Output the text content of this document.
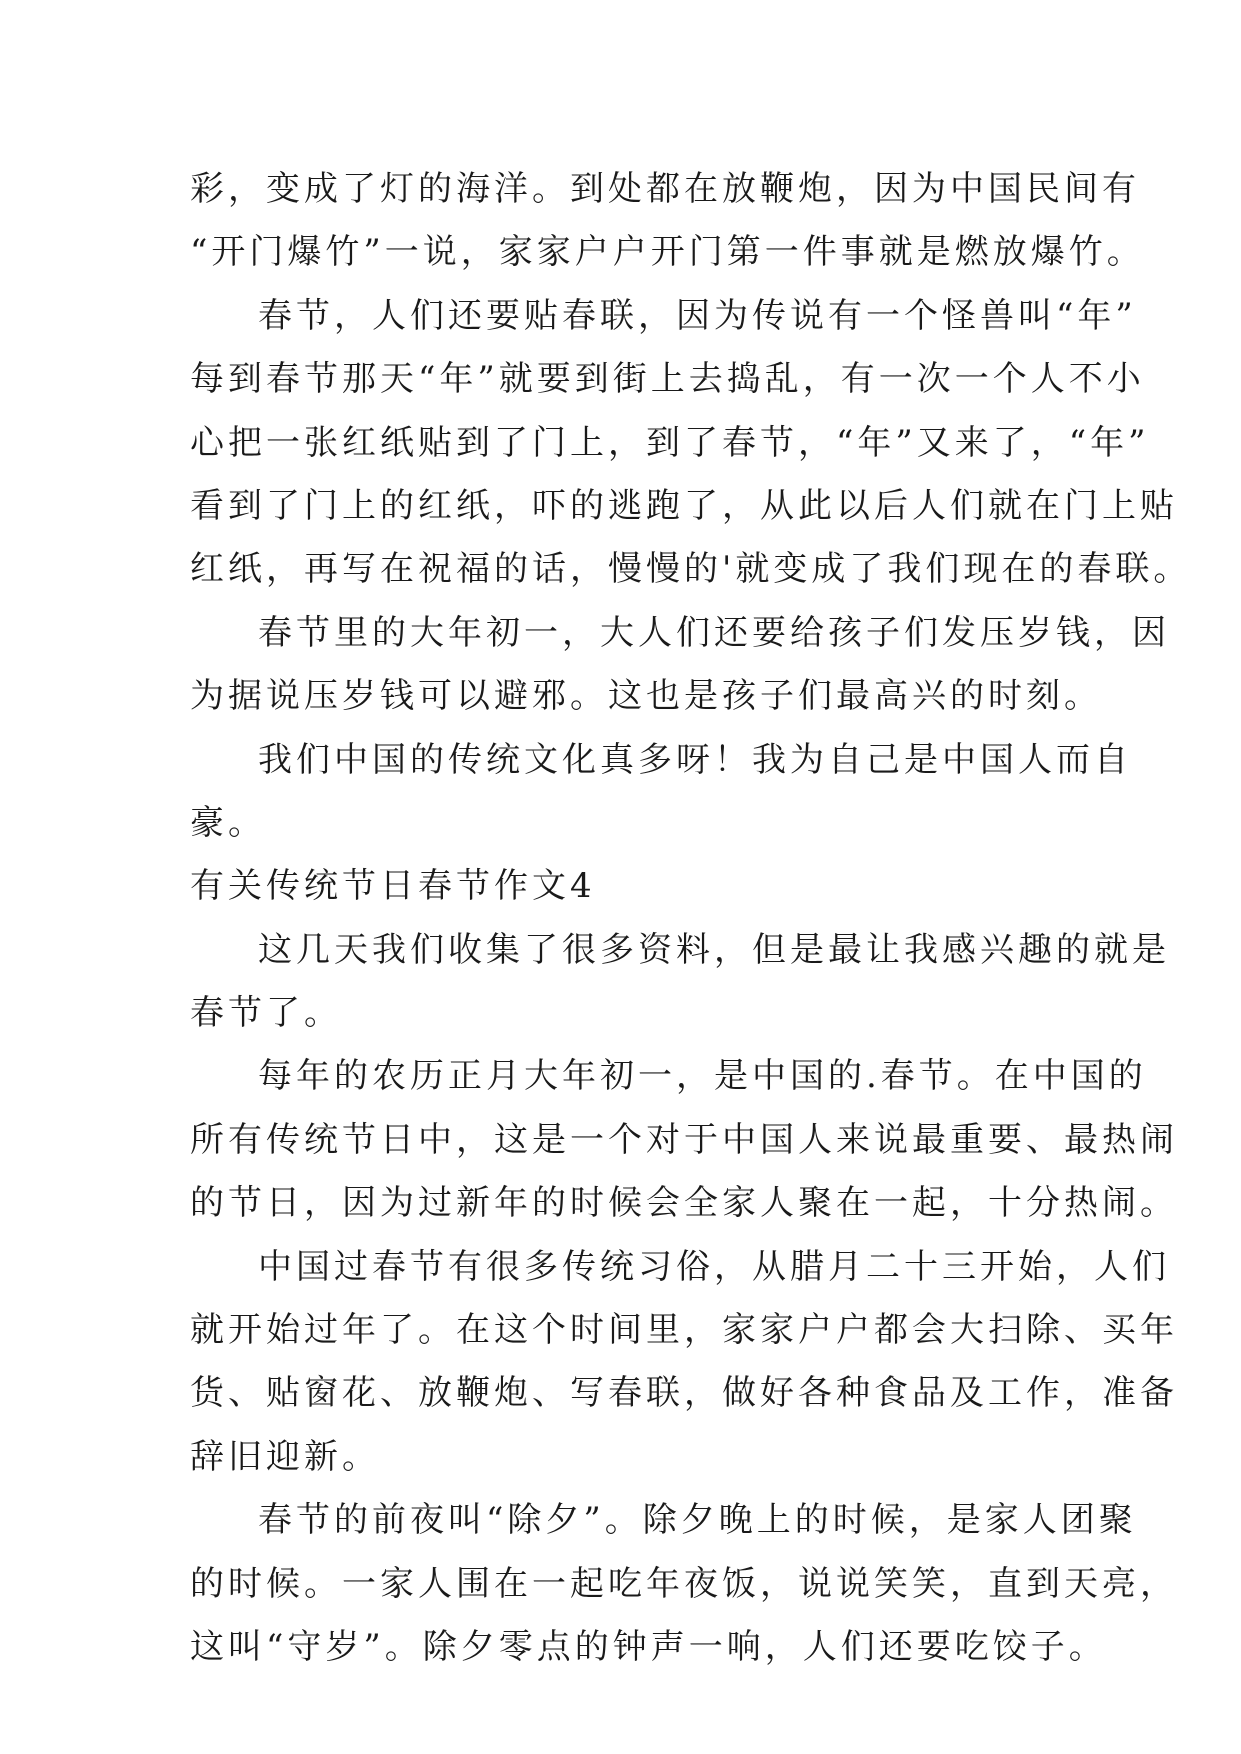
彩，变成了灯的海洋。到处都在放鞭炮，因为中国民间有
“开门爆竹”一说，家家户户开门第一件事就是燃放爆竹。
春节，人们还要贴春联，因为传说有一个怪兽叫“年”
每到春节那天“年”就要到街上去捣乱，有一次一个人不小
心把一张红纸贴到了门上，到了春节，“年”又来了，“年”
看到了门上的红纸，吓的逃跑了，从此以后人们就在门上贴
红纸，再写在祝福的话，慢慢的'就变成了我们现在的春联。
春节里的大年初一，大人们还要给孩子们发压岁钱，因
为据说压岁钱可以避邪。这也是孩子们最高兴的时刻。
我们中国的传统文化真多呀！我为自己是中国人而自
豪。
有关传统节日春节作文4
这几天我们收集了很多资料，但是最让我感兴趣的就是
春节了。
每年的农历正月大年初一，是中国的.春节。在中国的
所有传统节日中，这是一个对于中国人来说最重要、最热闹
的节日，因为过新年的时候会全家人聚在一起，十分热闹。
中国过春节有很多传统习俗，从腊月二十三开始，人们
就开始过年了。在这个时间里，家家户户都会大扫除、买年
货、贴窗花、放鞭炮、写春联，做好各种食品及工作，准备
辞旧迎新。
春节的前夜叫“除夕”。除夕晚上的时候，是家人团聚
的时候。一家人围在一起吃年夜饭，说说笑笑，直到天亮，
这叫“守岁”。除夕零点的钟声一响，人们还要吃饺子。
